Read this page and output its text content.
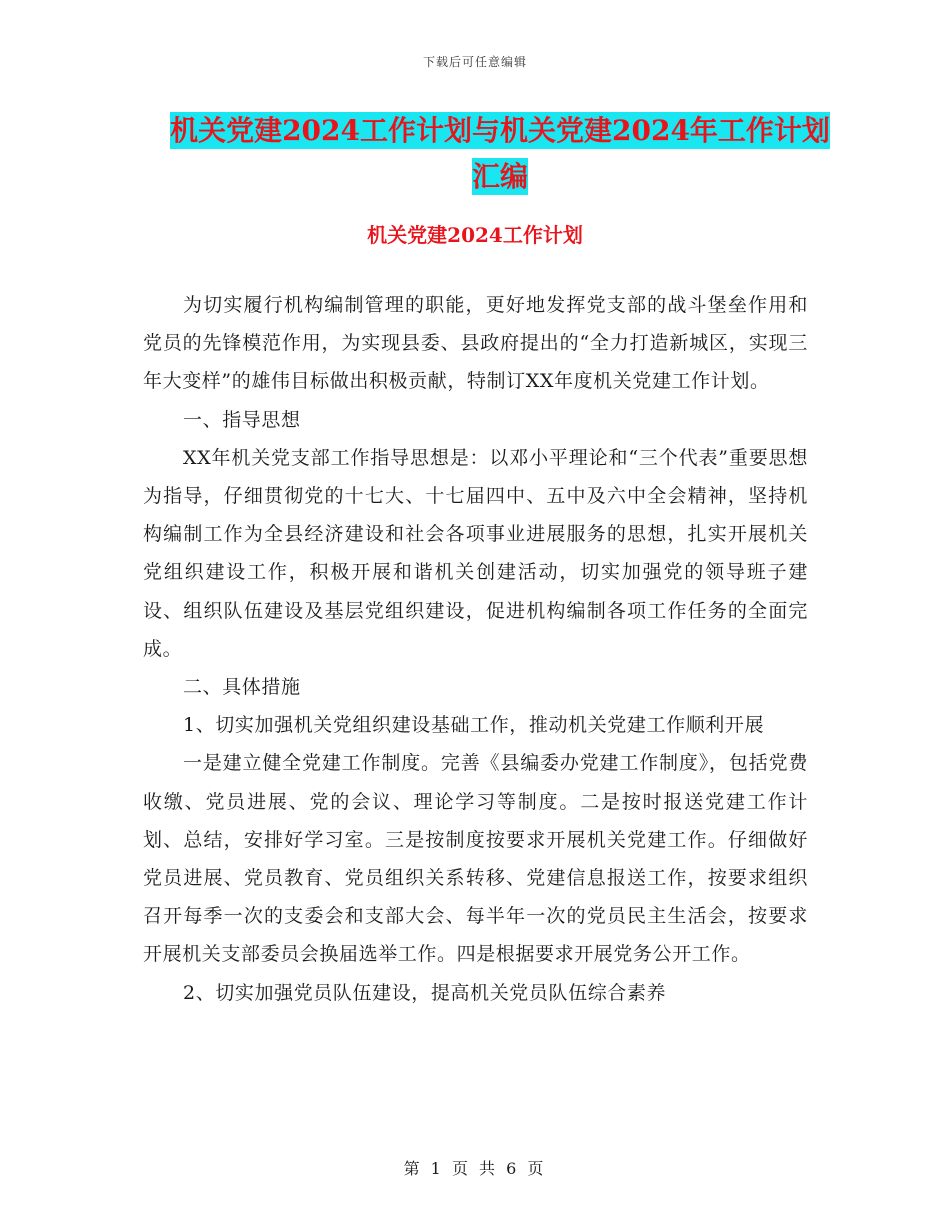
下载后可任意编辑
机关党建2024工作计划与机关党建2024年工作计划
汇编
机关党建2024工作计划

为切实履行机构编制管理的职能，更好地发挥党支部的战斗堡垒作用和党员的先锋模范作用，为实现县委、县政府提出的“全力打造新城区，实现三年大变样”的雄伟目标做出积极贡献，特制订XX年度机关党建工作计划。

一、指导思想

XX年机关党支部工作指导思想是：以邓小平理论和“三个代表”重要思想为指导，仔细贯彻党的十七大、十七届四中、五中及六中全会精神，坚持机构编制工作为全县经济建设和社会各项事业进展服务的思想，扎实开展机关党组织建设工作，积极开展和谐机关创建活动，切实加强党的领导班子建设、组织队伍建设及基层党组织建设，促进机构编制各项工作任务的全面完成。

二、具体措施

1、切实加强机关党组织建设基础工作，推动机关党建工作顺利开展

一是建立健全党建工作制度。完善《县编委办党建工作制度》，包括党费收缴、党员进展、党的会议、理论学习等制度。二是按时报送党建工作计划、总结，安排好学习室。三是按制度按要求开展机关党建工作。仔细做好党员进展、党员教育、党员组织关系转移、党建信息报送工作，按要求组织召开每季一次的支委会和支部大会、每半年一次的党员民主生活会，按要求开展机关支部委员会换届选举工作。四是根据要求开展党务公开工作。

2、切实加强党员队伍建设，提高机关党员队伍综合素养

第 1 页 共 6 页
